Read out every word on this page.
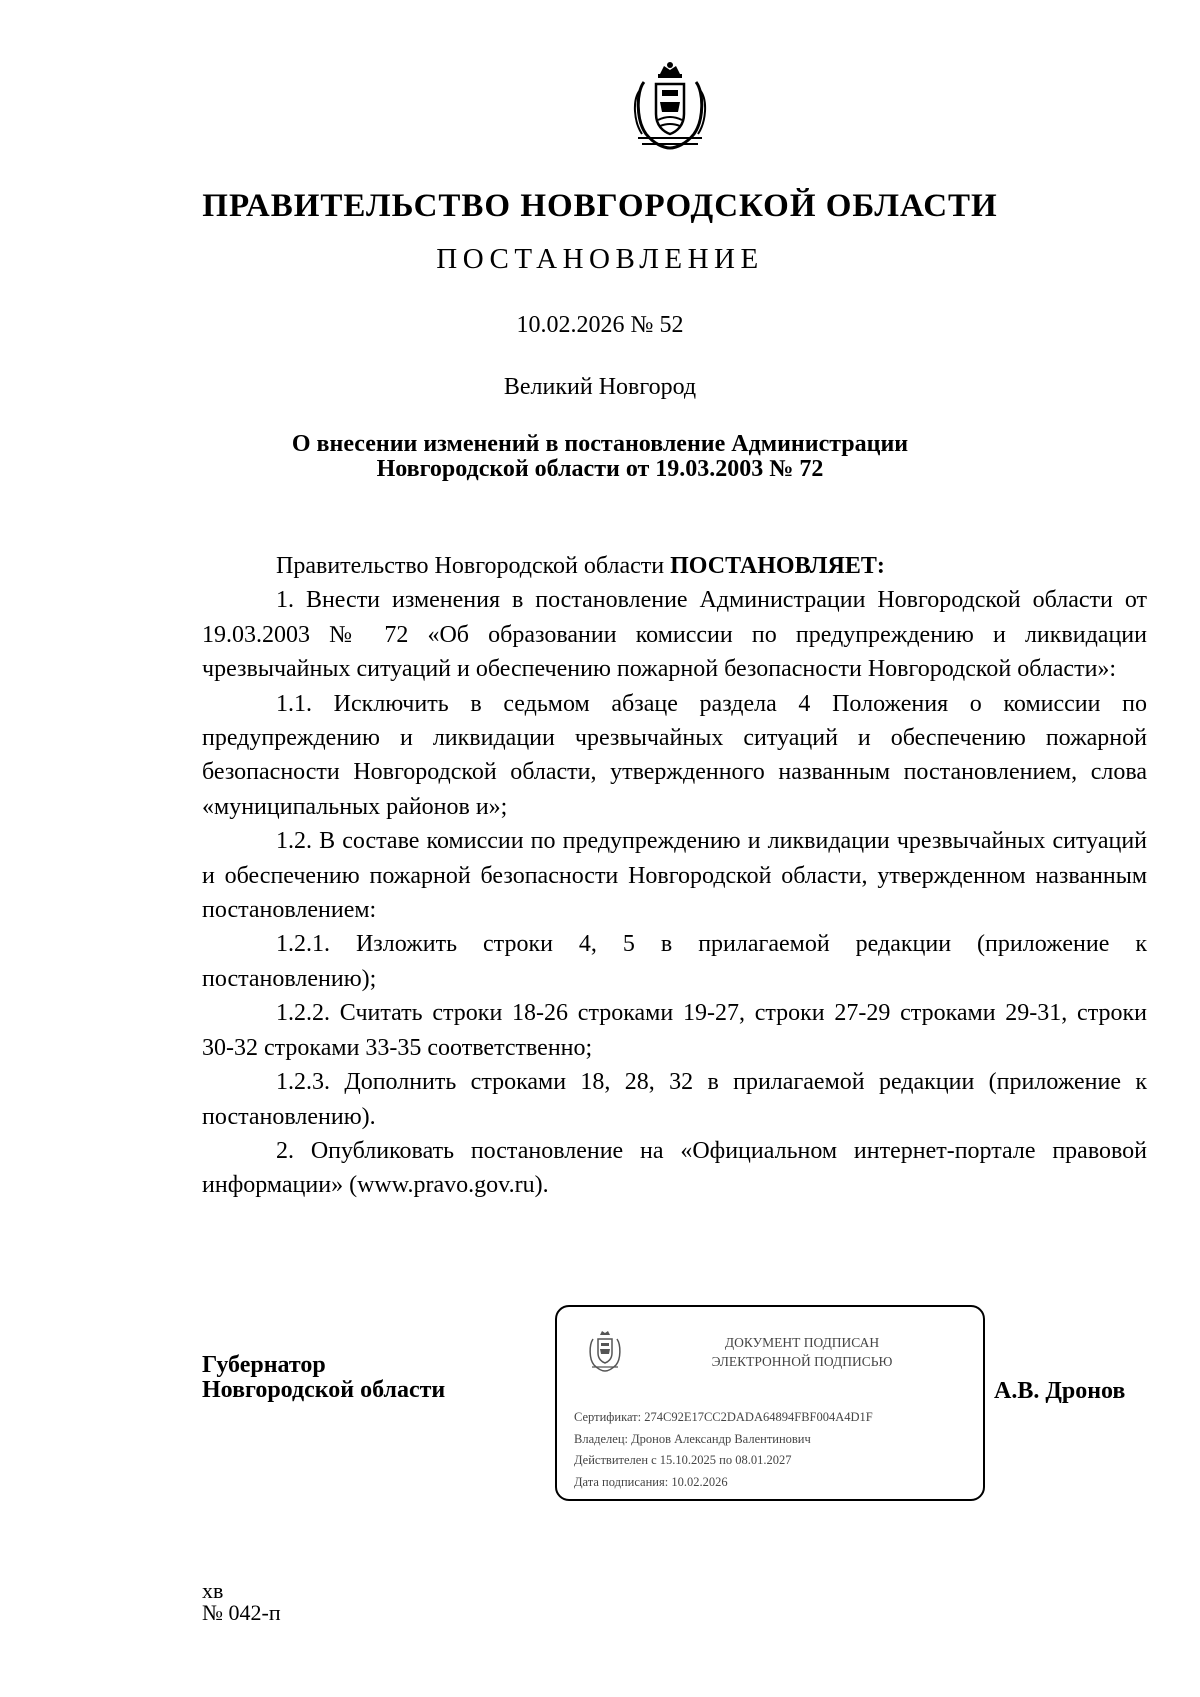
ПРАВИТЕЛЬСТВО НОВГОРОДСКОЙ ОБЛАСТИ
ПОСТАНОВЛЕНИЕ
10.02.2026 № 52
Великий Новгород
О внесении изменений в постановление Администрации
Новгородской области от 19.03.2003 № 72

Правительство Новгородской области ПОСТАНОВЛЯЕТ:

1. Внести изменения в постановление Администрации Новгородской области от 19.03.2003 № 72 «Об образовании комиссии по предупреждению и ликвидации чрезвычайных ситуаций и обеспечению пожарной безопасности Новгородской области»:

1.1. Исключить в седьмом абзаце раздела 4 Положения о комиссии по предупреждению и ликвидации чрезвычайных ситуаций и обеспечению пожарной безопасности Новгородской области, утвержденного названным постановлением, слова «муниципальных районов и»;

1.2. В составе комиссии по предупреждению и ликвидации чрезвычайных ситуаций и обеспечению пожарной безопасности Новгородской области, утвержденном названным постановлением:

1.2.1. Изложить строки 4, 5 в прилагаемой редакции (приложение к постановлению);

1.2.2. Считать строки 18-26 строками 19-27, строки 27-29 строками 29-31, строки 30-32 строками 33-35 соответственно;

1.2.3. Дополнить строками 18, 28, 32 в прилагаемой редакции (приложение к постановлению).

2. Опубликовать постановление на «Официальном интернет-портале правовой информации» (www.pravo.gov.ru).

Губернатор
Новгородской области
ДОКУМЕНТ ПОДПИСАН
ЭЛЕКТРОННОЙ ПОДПИСЬЮ
Сертификат: 274C92E17CC2DADA64894FBF004A4D1F
Владелец: Дронов Александр Валентинович
Действителен с 15.10.2025 по 08.01.2027
Дата подписания: 10.02.2026
А.В. Дронов
хв
№ 042-п
